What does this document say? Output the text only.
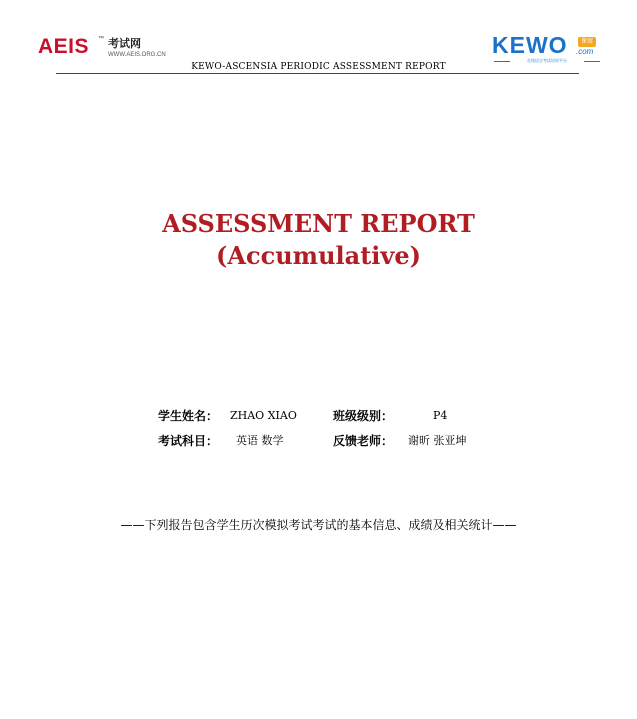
AEIS ™ 考试网
WWW.AEIS.ORG.CN	KEWO	课窝
.com
在线语言考试培训平台
KEWO-ASCENSIA PERIODIC ASSESSMENT REPORT
ASSESSMENT REPORT
(Accumulative)
学生姓名： ZHAO XIAO	班级级别：	P4
考试科目： 英语 数学	反馈老师： 谢昕 张亚坤
——下列报告包含学生历次模拟考试考试的基本信息、成绩及相关统计——
